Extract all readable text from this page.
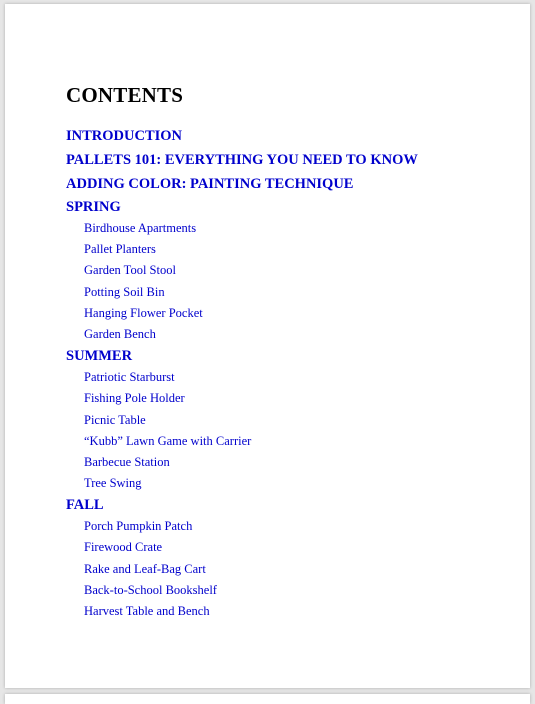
CONTENTS
INTRODUCTION
PALLETS 101: EVERYTHING YOU NEED TO KNOW
ADDING COLOR: PAINTING TECHNIQUE
SPRING
Birdhouse Apartments
Pallet Planters
Garden Tool Stool
Potting Soil Bin
Hanging Flower Pocket
Garden Bench
SUMMER
Patriotic Starburst
Fishing Pole Holder
Picnic Table
“Kubb” Lawn Game with Carrier
Barbecue Station
Tree Swing
FALL
Porch Pumpkin Patch
Firewood Crate
Rake and Leaf-Bag Cart
Back-to-School Bookshelf
Harvest Table and Bench
